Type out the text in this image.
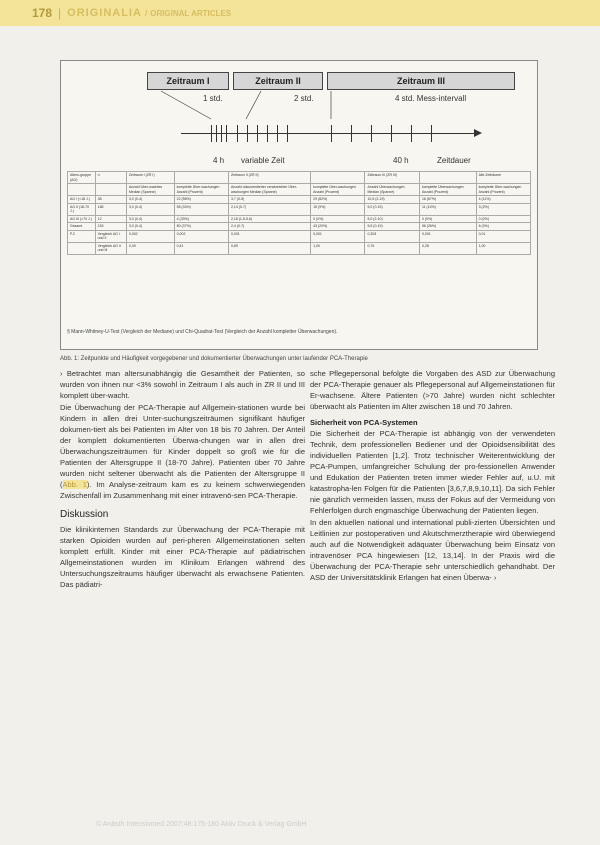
178 | ORIGINALIA / ORIGINAL ARTICLES
Zeitraum I	Zeitraum II	Zeitraum III
1 std.	2 std.	4 std. Mess-intervall
4 h variable Zeit	40 h	Zeitdauer
Alters-gruppe (AG)	n	Zeitraum I (ZR I)		Zeitraum II (ZR II)		Zeitraum III (ZR III)		Alle Zeiträume
		Anzahl Über-wachtes Median (Spanne)	komplette Über-wachungen Anzahl (Prozent)	Anzahl dokumentierter verabreichter Über-wachungen Median (Spanne)	komplette Über-wachungen Anzahl (Prozent)	Anzahl Überwachungen Median (Spanne)	komplette Überwachungen Anzahl (Prozent)	komplette Über-wachungen Anzahl (Prozent)
AG I (<18 J.)	38	3,0 (0-4)	22 (58%)	3,7 (0-5)	29 (82%)	10,5 (2-19)	16 (67%)	4 (11%)
AG II (18-70 J.)	168	3,0 (0-4)	55 (33%)	2,14 (0-7)	15 (9%)	5,0 (0-15)	11 (14%)	3 (2%)
AG III (>70 J.)	12	3,0 (0-4)	4 (33%)	2,18 (1,5-5,6)	0 (0%)	5,0 (2-10)	0 (0%)	0 (0%)
Gesamt	218	3,0 (0-4)	80 (37%)	2,4 (0-7)	43 (20%)	5,5 (0-19)	56 (26%)	6 (3%)
P.2	Vergleich AG I und II	0,002	0,002	0,001	0,001	0,303	0,001	0,01
	Vergleich AG II und III	0,39	0,41	0,89	1,00	0,76	0,28	1,00
§ Mann-Whitney-U-Test (Vergleich der Mediane) und Chi-Quadrat-Test (Vergleich der Anzahl kompletter Überwachungen).
Abb. 1: Zeitpunkte und Häufigkeit vorgegebener und dokumentierter Überwachungen unter laufender PCA-Therapie

› Betrachtet man altersunabhängig die Gesamtheit der Patienten, so wurden von ihnen nur <3% sowohl in Zeitraum I als auch in ZR II und III komplett über-wacht.

Die Überwachung der PCA-Therapie auf Allgemein-stationen wurde bei Kindern in allen drei Unter-suchungszeiträumen signifikant häufiger dokumen-tiert als bei Patienten im Alter von 18 bis 70 Jahren. Der Anteil der komplett dokumentierten Überwa-chungen war in allen drei Überwachungszeiträumen für Kinder doppelt so groß wie für die Patienten der Altersgruppe II (18-70 Jahre). Patienten über 70 Jahre wurden nicht seltener überwacht als die Patienten der Altersgruppe II (Abb. 1). Im Analyse-zeitraum kam es zu keinem schwerwiegenden Zwischenfall im Zusammenhang mit einer intravenö-sen PCA-Therapie.

Diskussion

Die klinikinternen Standards zur Überwachung der PCA-Therapie mit starken Opioiden wurden auf peri-pheren Allgemeinstationen selten komplett erfüllt. Kinder mit einer PCA-Therapie auf pädiatrischen Allgemeinstationen wurden im Klinikum Erlangen während des Untersuchungszeitraums häufiger überwacht als erwachsene Patienten. Das pädiatri-

sche Pflegepersonal befolgte die Vorgaben des ASD zur Überwachung der PCA-Therapie genauer als Pflegepersonal auf Allgemeinstationen für Er-wachsene. Ältere Patienten (>70 Jahre) wurden nicht schlechter überwacht als Patienten im Alter zwischen 18 und 70 Jahren.

Sicherheit von PCA-Systemen

Die Sicherheit der PCA-Therapie ist abhängig von der verwendeten Technik, dem professionellen Bediener und der Opioidsensibilität des individuellen Patienten [1,2]. Trotz technischer Weiterentwicklung der PCA-Pumpen, umfangreicher Schulung der pro-fessionellen Anwender und Edukation der Patienten treten immer wieder Fehler auf, u.U. mit katastropha-len Folgen für die Patienten [3,6,7,8,9,10,11]. Da sich Fehler nie gänzlich vermeiden lassen, muss der Fokus auf der Vermeidung von Fehlerfolgen durch engmaschige Überwachung der Patienten liegen.

In den aktuellen national und international publi-zierten Übersichten und Leitlinien zur postoperativen und Akutschmerztherapie wird überwiegend auch auf die Notwendigkeit adäquater Überwachung beim Einsatz von intravenöser PCA hingewiesen [12, 13,14]. In der Praxis wird die Überwachung der PCA-Therapie sehr unterschiedlich gehandhabt. Der ASD der Universitätsklinik Erlangen hat einen Überwa- ›

© Anästh Intensivmed 2007;48:175-180 Aktiv Druck & Verlag GmbH
